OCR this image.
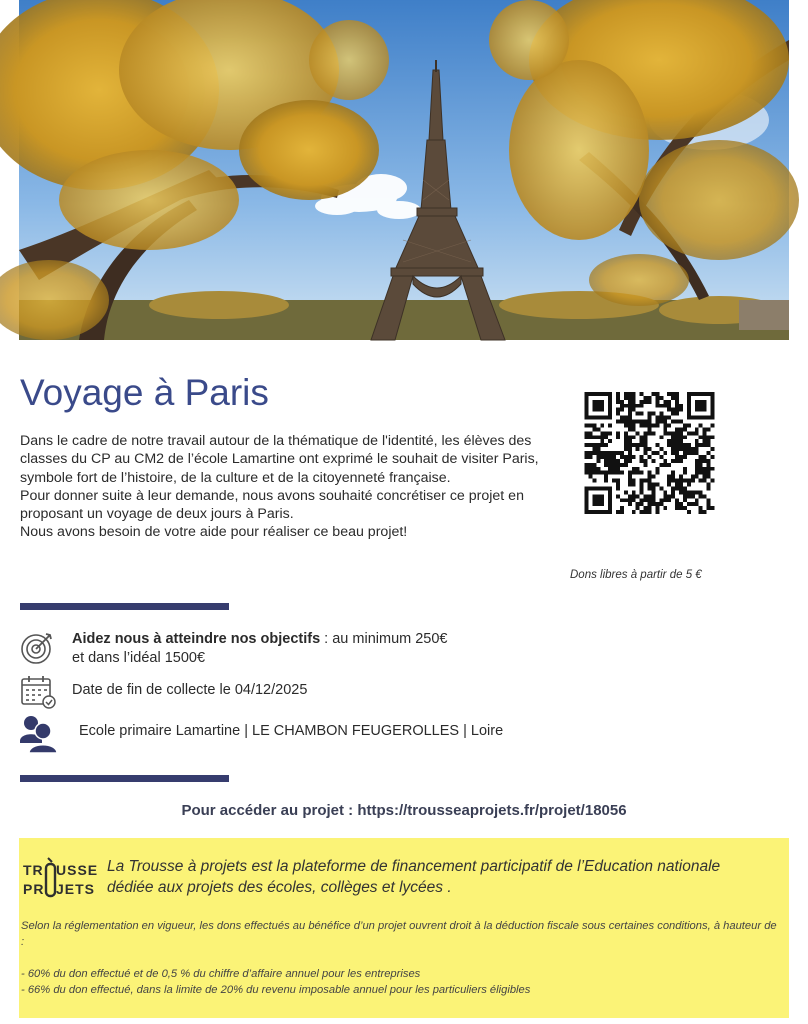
Voyage à Paris

Dans le cadre de notre travail autour de la thématique de l'identité, les élèves des classes du CP au CM2 de l’école Lamartine ont exprimé le souhait de visiter Paris, symbole fort de l’histoire, de la culture et de la citoyenneté française.

Pour donner suite à leur demande, nous avons souhaité concrétiser ce projet en proposant un voyage de deux jours à Paris.

Nous avons besoin de votre aide pour réaliser ce beau projet!

Dons libres à partir de 5 €
Aidez nous à atteindre nos objectifs : au minimum 250€
et dans l’idéal 1500€
Date de fin de collecte le 04/12/2025
Ecole primaire Lamartine | LE CHAMBON FEUGEROLLES | Loire
Pour accéder au projet : https://trousseaprojets.fr/projet/18056
TR USSE
PR JETS

La Trousse à projets est la plateforme de financement participatif de l’Education nationale

dédiée aux projets des écoles, collèges et lycées .

Selon la réglementation en vigueur, les dons effectués au bénéfice d’un projet ouvrent droit à la déduction fiscale sous certaines conditions, à hauteur de :

- 60% du don effectué et de 0,5 % du chiffre d’affaire annuel pour les entreprises

- 66% du don effectué, dans la limite de 20% du revenu imposable annuel pour les particuliers éligibles
